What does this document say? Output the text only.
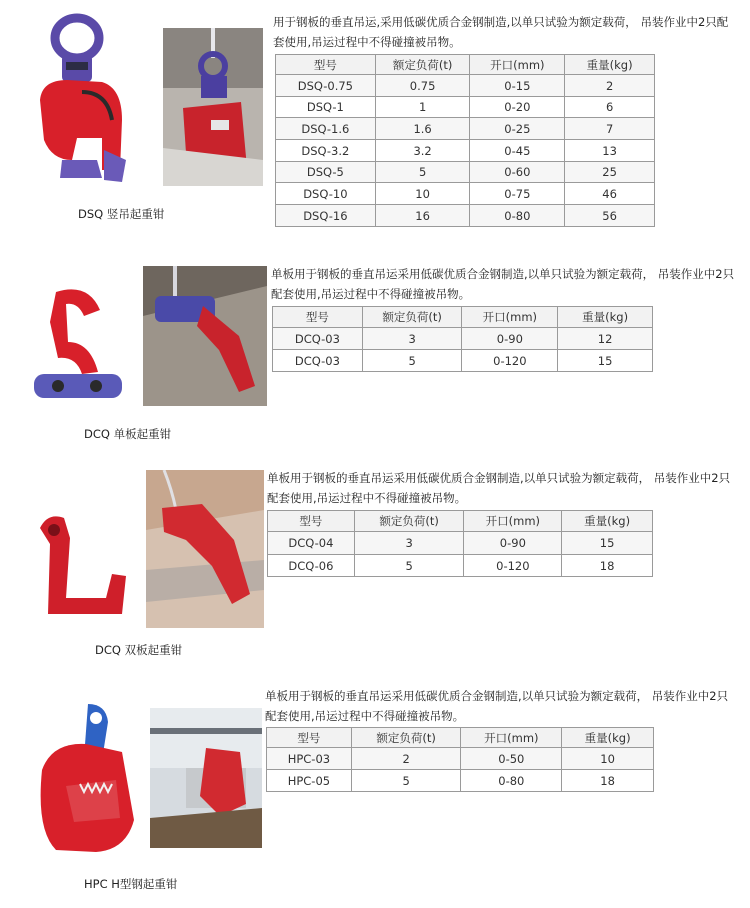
DSQ 竖吊起重钳
用于钢板的垂直吊运,采用低碳优质合金钢制造,以单只试验为额定载荷， 吊装作业中2只配套使用,吊运过程中不得碰撞被吊物。
型号	额定负荷(t)	开口(mm)	重量(kg)
DSQ-0.75	0.75	0-15	2
DSQ-1	1	0-20	6
DSQ-1.6	1.6	0-25	7
DSQ-3.2	3.2	0-45	13
DSQ-5	5	0-60	25
DSQ-10	10	0-75	46
DSQ-16	16	0-80	56
DCQ 单板起重钳
单板用于钢板的垂直吊运采用低碳优质合金钢制造,以单只试验为额定载荷， 吊装作业中2只配套使用,吊运过程中不得碰撞被吊物。
型号	额定负荷(t)	开口(mm)	重量(kg)
DCQ-03	3	0-90	12
DCQ-03	5	0-120	15
DCQ 双板起重钳
单板用于钢板的垂直吊运采用低碳优质合金钢制造,以单只试验为额定载荷， 吊装作业中2只配套使用,吊运过程中不得碰撞被吊物。
型号	额定负荷(t)	开口(mm)	重量(kg)
DCQ-04	3	0-90	15
DCQ-06	5	0-120	18
HPC H型钢起重钳
单板用于钢板的垂直吊运采用低碳优质合金钢制造,以单只试验为额定载荷， 吊装作业中2只配套使用,吊运过程中不得碰撞被吊物。
型号	额定负荷(t)	开口(mm)	重量(kg)
HPC-03	2	0-50	10
HPC-05	5	0-80	18
